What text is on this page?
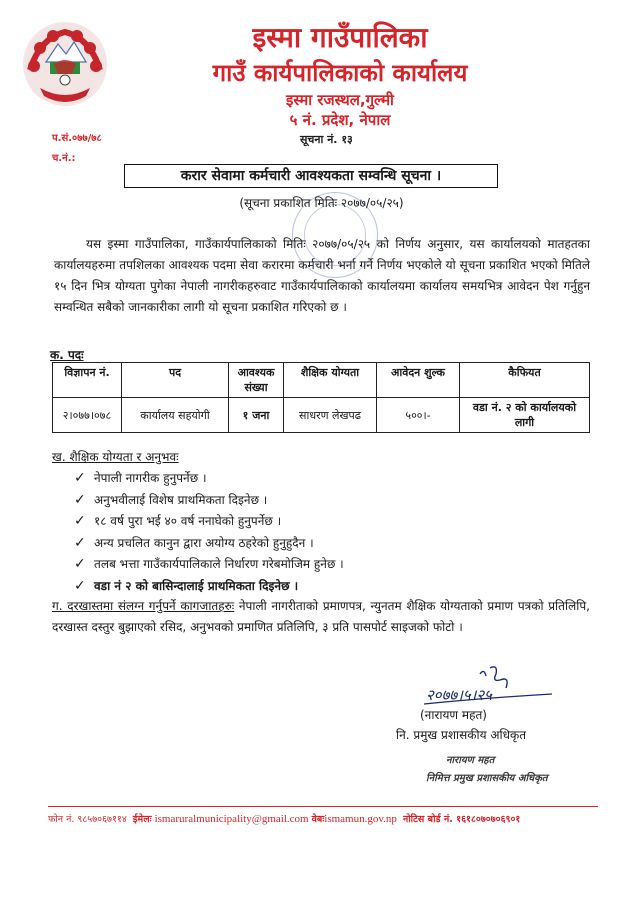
इस्मा गाउँपालिका
गाउँ कार्यपालिकाको कार्यालय
इस्मा रजस्थल,गुल्मी
५ नं. प्रदेश, नेपाल
प.सं.०७७/७८
च.नं.:
सूचना नं. १३
करार सेवामा कर्मचारी आवश्यकता सम्वन्धि सूचना ।
(सूचना प्रकाशित मितिः २०७७/०५/२५)
यस इस्मा गाउँपालिका, गाउँकार्यपालिकाको मितिः २०७७/०५/२५ को निर्णय अनुसार, यस कार्यालयको मातहतका कार्यालयहरुमा तपशिलका आवश्यक पदमा सेवा करारमा कर्मचारी भर्ना गर्ने निर्णय भएकोले यो सूचना प्रकाशित भएको मितिले १५ दिन भित्र योग्यता पुगेका नेपाली नागरीकहरुवाट गाउँकार्यपालिकाको कार्यालयमा कार्यालय समयभित्र आवेदन पेश गर्नुहुन सम्वन्धित सबैको जानकारीका लागी यो सूचना प्रकाशित गरिएको छ ।
क. पदः
विज्ञापन नं.	पद	आवश्यक संख्या	शैक्षिक योग्यता	आवेदन शुल्क	कैफियत
२।०७७।०७८	कार्यालय सहयोगी	१ जना	साधरण लेखपढ	५००।-	वडा नं. २ को कार्यालयको लागी
ख. शैक्षिक योग्यता र अनुभवः
✓ नेपाली नागरीक हुनुपर्नेछ ।
✓ अनुभवीलाई विशेष प्राथमिकता दिइनेछ ।
✓ १८ वर्ष पुरा भई ४० वर्ष ननाघेको हुनुपर्नेछ ।
✓ अन्य प्रचलित कानुन द्वारा अयोग्य ठहरेको हुनुहुदैन ।
✓ तलब भत्ता गाउँकार्यपालिकाले निर्धारण गरेबमोजिम हुनेछ ।
✓ वडा नं २ को बासिन्दालाई प्राथमिकता दिइनेछ ।
ग. दरखास्तमा संलग्न गर्नुपर्ने कागजातहरुः नेपाली नागरीताको प्रमाणपत्र, न्युनतम शैक्षिक योग्यताको प्रमाण पत्रको प्रतिलिपि, दरखास्त दस्तुर बुझाएको रसिद, अनुभवको प्रमाणित प्रतिलिपि, ३ प्रति पासपोर्ट साइजको फोटो ।
२०७७।५।२५
(नारायण महत)
नि. प्रमुख प्रशासकीय अधिकृत
नारायण महत
निमित्त प्रमुख प्रशासकीय अधिकृत
फोन नं. ९८५७०६७११४ ईमेलः ismaruralmunicipality@gmail.com वेबःismamun.gov.np नोटिस बोर्ड नं. १६१८०७०७०६९०१
